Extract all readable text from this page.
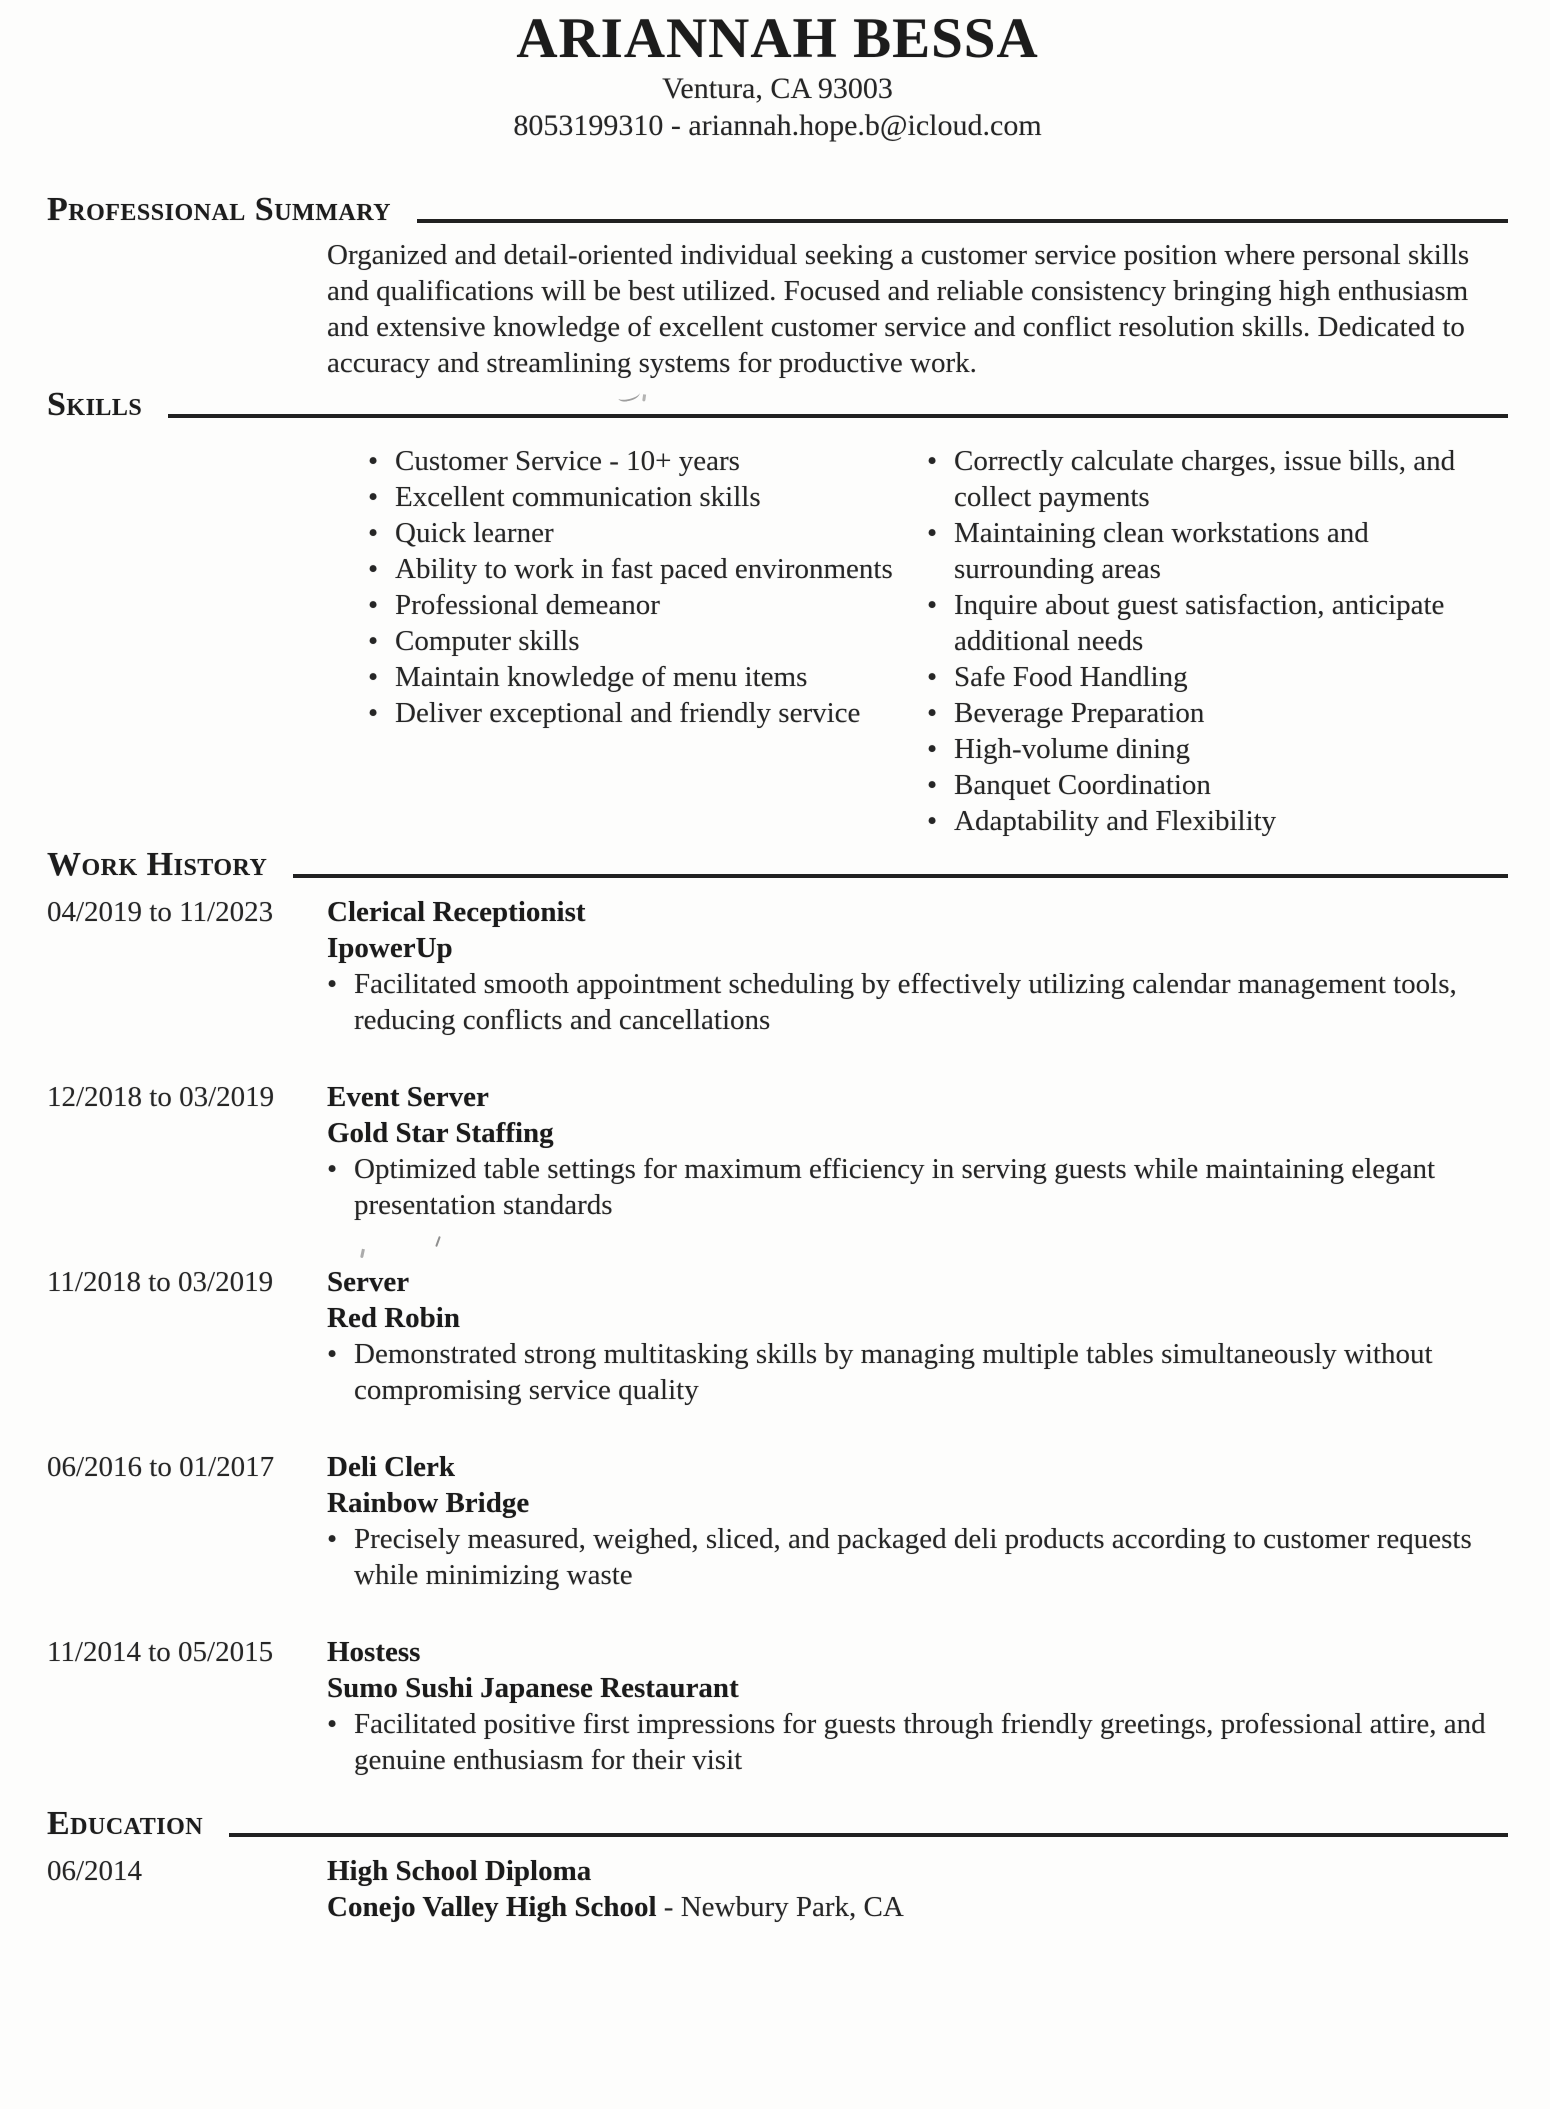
ARIANNAH BESSA
Ventura, CA 93003
8053199310 - ariannah.hope.b@icloud.com
Professional Summary

Organized and detail-oriented individual seeking a customer service position where personal skills and qualifications will be best utilized. Focused and reliable consistency bringing high enthusiasm and extensive knowledge of excellent customer service and conflict resolution skills. Dedicated to accuracy and streamlining systems for productive work.

Skills
•
Customer Service - 10+ years
•
Excellent communication skills
•
Quick learner
•
Ability to work in fast paced environments
•
Professional demeanor
•
Computer skills
•
Maintain knowledge of menu items
•
Deliver exceptional and friendly service
•
Correctly calculate charges, issue bills, and collect payments
•
Maintaining clean workstations and surrounding areas
•
Inquire about guest satisfaction, anticipate additional needs
•
Safe Food Handling
•
Beverage Preparation
•
High-volume dining
•
Banquet Coordination
•
Adaptability and Flexibility
Work History
04/2019 to 11/2023	Clerical Receptionist
IpowerUp
•
Facilitated smooth appointment scheduling by effectively utilizing calendar management tools, reducing conflicts and cancellations
12/2018 to 03/2019	Event Server
Gold Star Staffing
•
Optimized table settings for maximum efficiency in serving guests while maintaining elegant presentation standards
11/2018 to 03/2019	Server
Red Robin
•
Demonstrated strong multitasking skills by managing multiple tables simultaneously without compromising service quality
06/2016 to 01/2017	Deli Clerk
Rainbow Bridge
•
Precisely measured, weighed, sliced, and packaged deli products according to customer requests while minimizing waste
11/2014 to 05/2015	Hostess
Sumo Sushi Japanese Restaurant
•
Facilitated positive first impressions for guests through friendly greetings, professional attire, and genuine enthusiasm for their visit
Education
06/2014	High School Diploma
Conejo Valley High School - Newbury Park, CA
